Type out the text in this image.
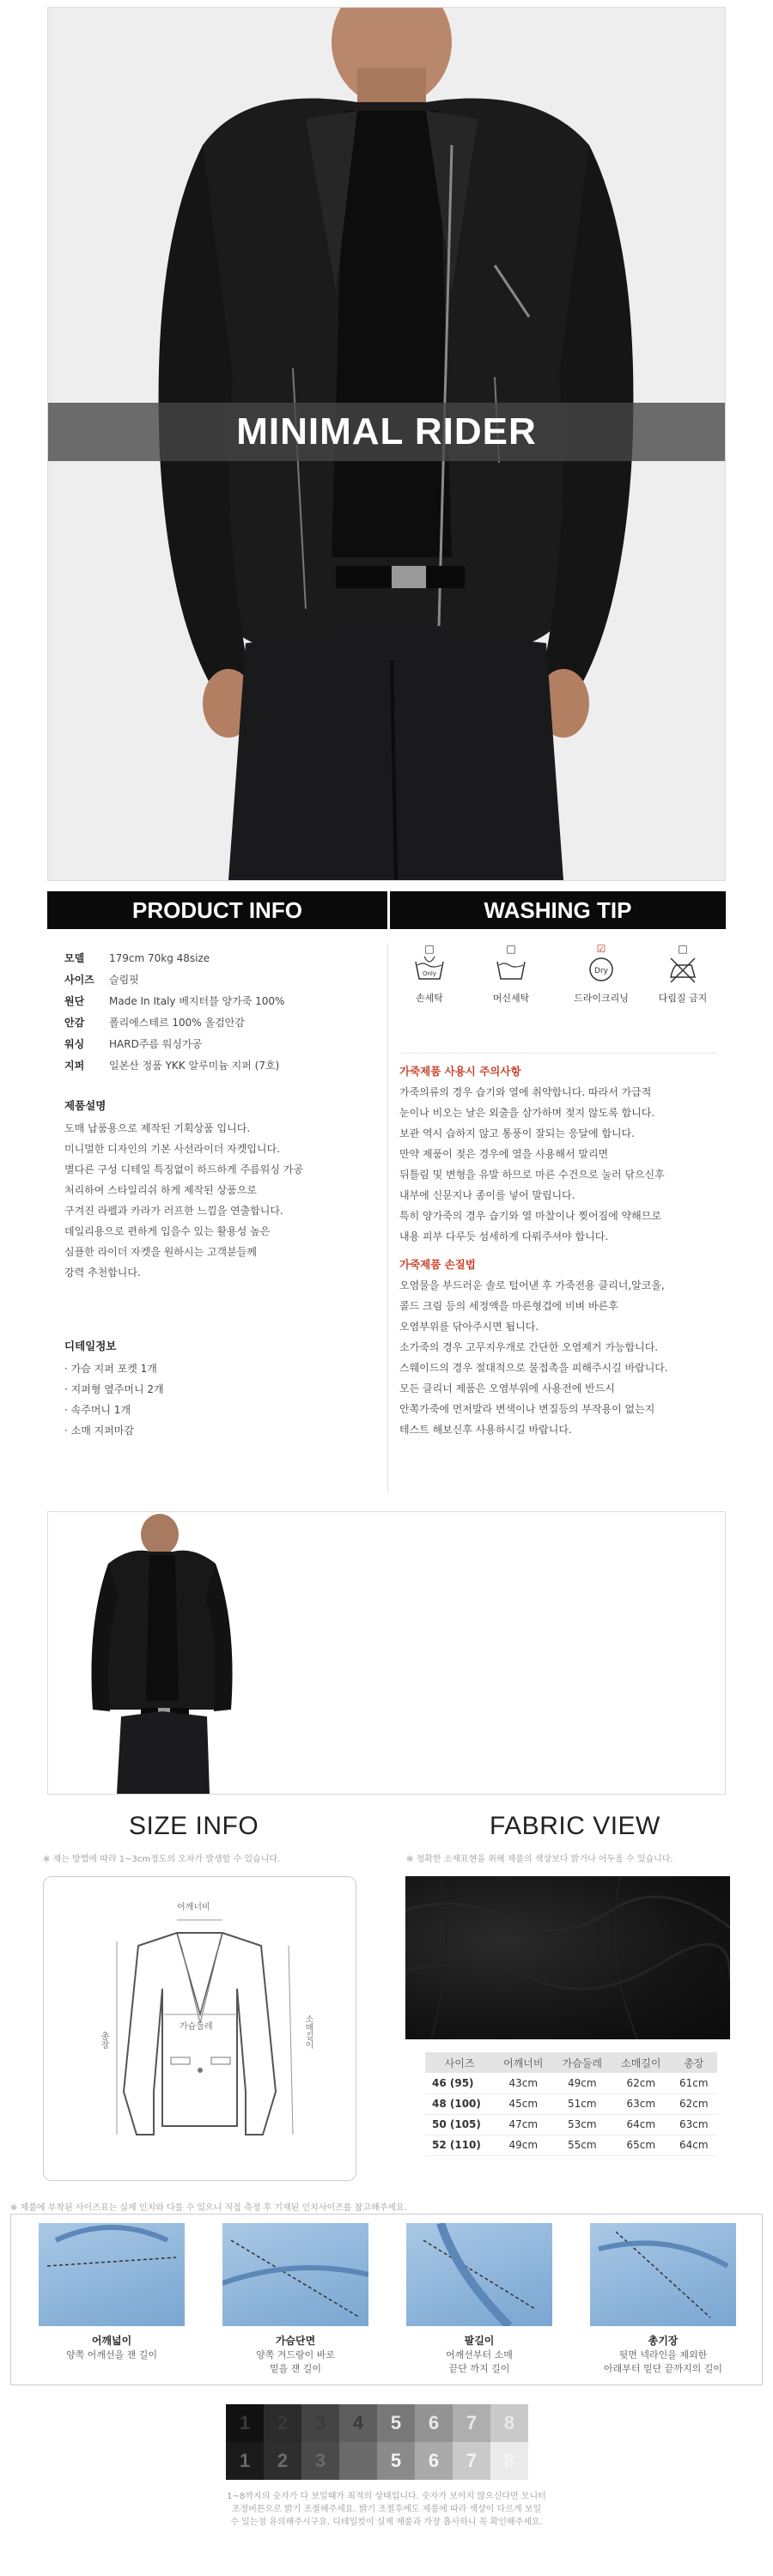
MINIMAL RIDER
PRODUCT INFO	WASHING TIP
모델	179cm 70kg 48size
사이즈	슬림핏
원단	Made In Italy 베지터블 양가죽 100%
안감	폴리에스테르 100% 올검안감
워싱	HARD주름 워싱가공
지퍼	일본산 정품 YKK 알루미늄 지퍼 (7호)
제품설명
도매 납품용으로 제작된 기획상품 입니다.
미니멀한 디자인의 기본 사선라이더 자켓입니다.
별다른 구성 디테일 특징없이 하드하게 주름워싱 가공
처리하여 스타일리쉬 하게 제작된 상품으로
구겨진 라펠과 카라가 러프한 느낌을 연출합니다.
데일리용으로 편하게 입을수 있는 활용성 높은
심플한 라이더 자켓을 원하시는 고객분들께
강력 추천합니다.
디테일정보
· 가슴 지퍼 포켓 1개
· 지퍼형 옆주머니 2개
· 속주머니 1개
· 소매 지퍼마감
□
Only
손세탁
□
머신세탁
☑
Dry
드라이크리닝
□
다림질 금지
가죽제품 사용시 주의사항
가죽의류의 경우 습기와 열에 취약합니다. 따라서 가급적
눈이나 비오는 날은 외출을 삼가하며 젖지 않도록 합니다.
보관 역시 습하지 않고 통풍이 잘되는 응달에 합니다.
만약 제품이 젖은 경우에 열을 사용해서 말리면
뒤틀림 및 변형을 유발 하므로 마른 수건으로 눌러 닦으신후
내부에 신문지나 종이를 넣어 말립니다.
특히 양가죽의 경우 습기와 열 마찰이나 찢어짐에 약해므로
내용 피부 다루듯 섬세하게 다뤄주셔야 합니다.
가죽제품 손질법
오염물을 부드러운 솔로 털어낸 후 가죽전용 클리너,알코올,
콜드 크림 등의 세정액을 마른형겁에 비벼 바른후
오염부위를 닦아주시면 됩니다.
소가죽의 경우 고무지우개로 간단한 오염제거 가능합니다.
스웨이드의 경우 절대적으로 물접촉을 피해주시길 바랍니다.
모든 클리너 제품은 오염부위에 사용전에 반드시
안쪽가죽에 먼저발라 변색이나 변질등의 부작용이 없는지
테스트 해보신후 사용하시길 바랍니다.
SIZE INFO
※ 재는 방법에 따라 1~3cm정도의 오차가 발생할 수 있습니다.
FABRIC VIEW
※ 정확한 소재표현을 위해 제품의 색상보다 밝거나 어두울 수 있습니다.
어깨너비
가슴둘레
총장	소매길이
사이즈	어깨너비	가슴둘레	소매길이	총장
46 (95)	43cm	49cm	62cm	61cm
48 (100)	45cm	51cm	63cm	62cm
50 (105)	47cm	53cm	64cm	63cm
52 (110)	49cm	55cm	65cm	64cm
※ 제품에 부착된 사이즈표는 실제 인치와 다를 수 있으니 직접 측정 후 기재된 인치사이즈를 참고해주세요.
어깨넓이
양쪽 어깨선을 잰 길이
가슴단면
양쪽 겨드랑이 바로
밑을 잰 길이
팔길이
어깨선부터 소매
끝단 까지 길이
총기장
뒷면 넥라인을 제외한
아래부터 밑단 끝까지의 길이
1	2	3	4	5	6	7	8
1	2	3	4	5	6	7	8
1~8까지의 숫자가 다 보일때가 최적의 상태입니다. 숫자가 보이지 않으신다면 모니터
조정버튼으로 밝기 조절해주세요. 밝기 조절후에도 제품에 따라 색상이 다르게 보일
수 있는점 유의해주시구요. 디테일컷이 실제 제품과 가장 흡사하니 꼭 확인해주세요.
